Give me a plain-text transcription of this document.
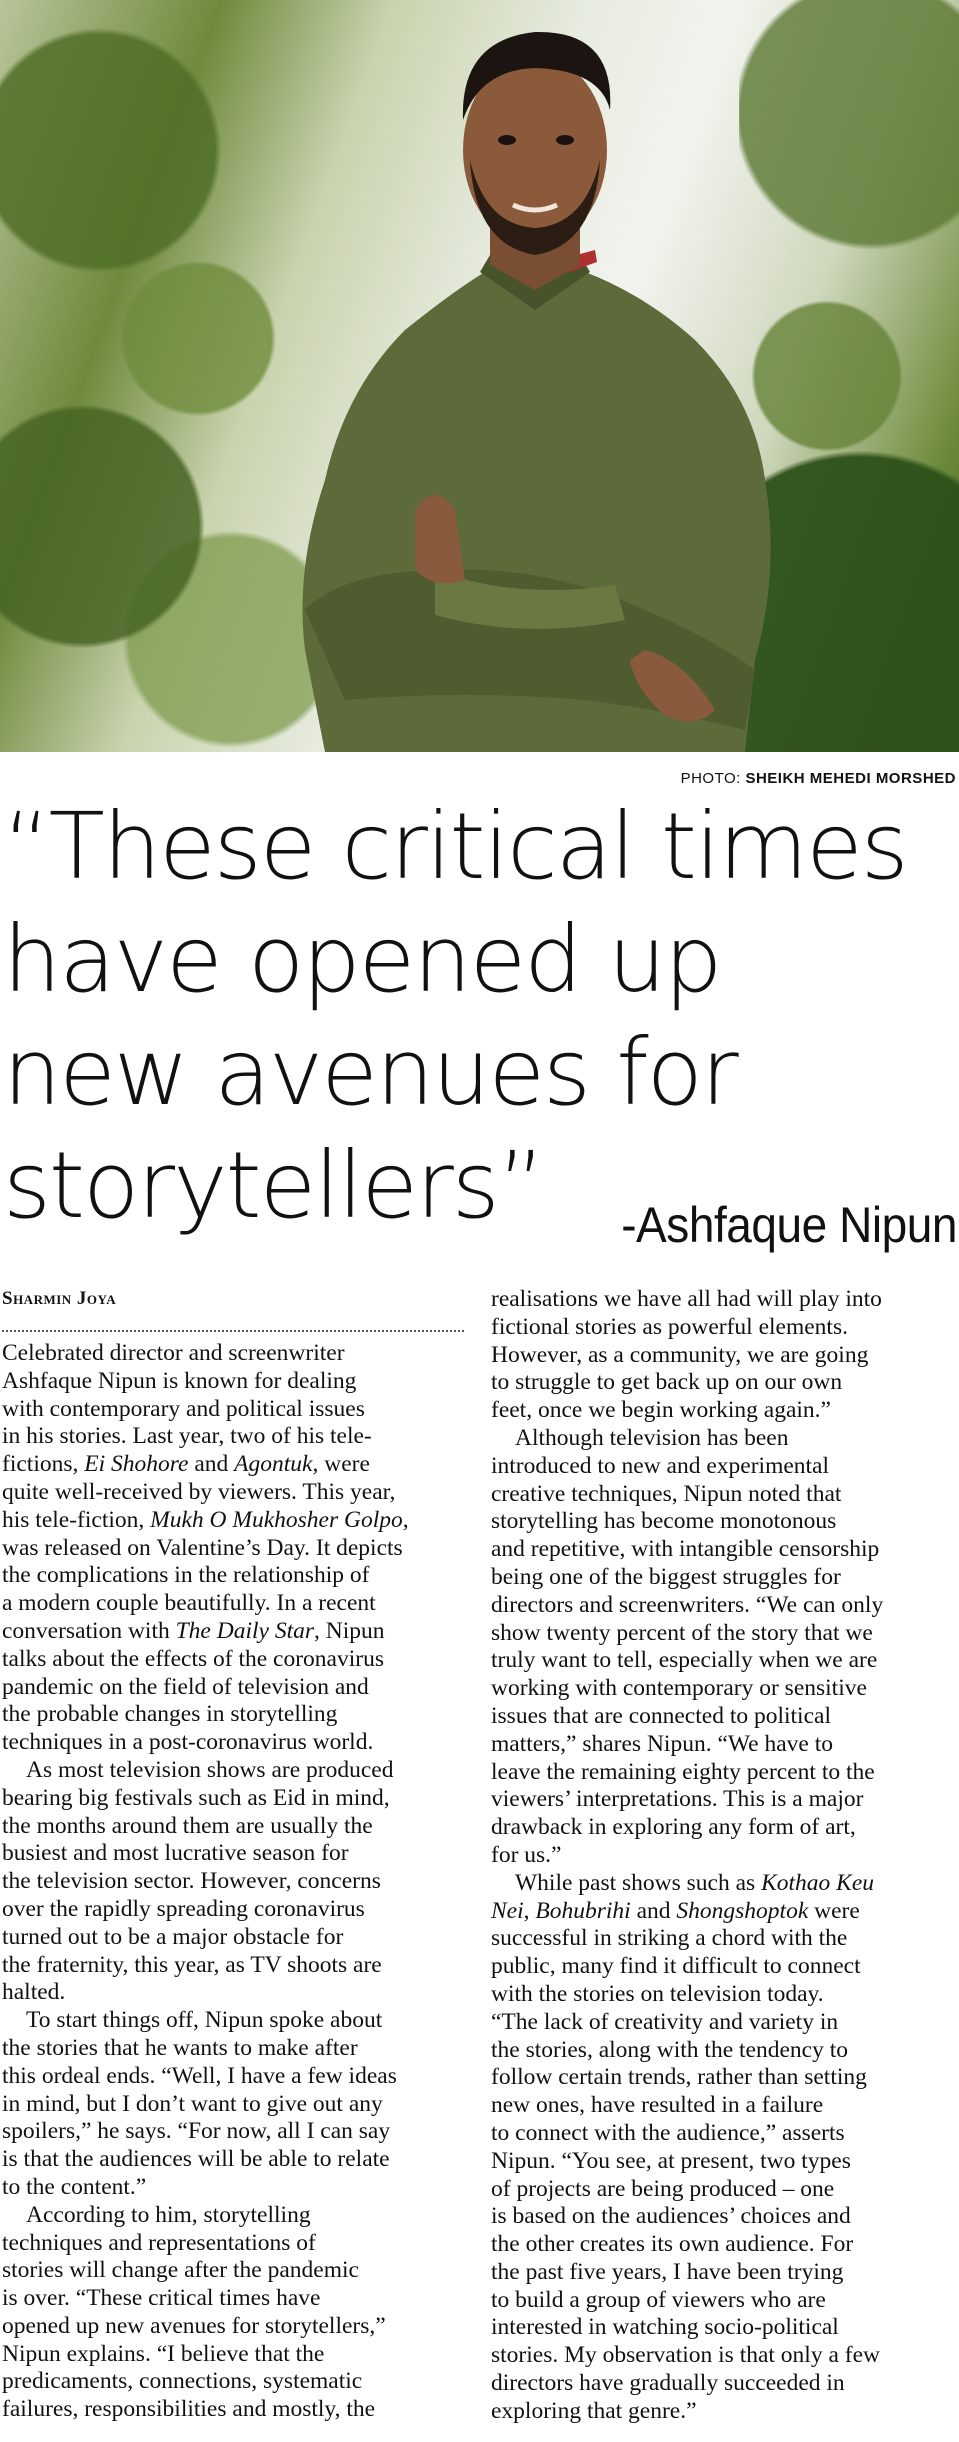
PHOTO: SHEIKH MEHEDI MORSHED
“These critical times
have opened up
new avenues for
storytellers”	-Ashfaque Nipun
Sharmin Joya

Celebrated director and screenwriter
Ashfaque Nipun is known for dealing
with contemporary and political issues
in his stories. Last year, two of his tele-
fictions, Ei Shohore and Agontuk, were
quite well-received by viewers. This year,
his tele-fiction, Mukh O Mukhosher Golpo,
was released on Valentine’s Day. It depicts
the complications in the relationship of
a modern couple beautifully. In a recent
conversation with The Daily Star, Nipun
talks about the effects of the coronavirus
pandemic on the field of television and
the probable changes in storytelling
techniques in a post-coronavirus world.

As most television shows are produced
bearing big festivals such as Eid in mind,
the months around them are usually the
busiest and most lucrative season for
the television sector. However, concerns
over the rapidly spreading coronavirus
turned out to be a major obstacle for
the fraternity, this year, as TV shoots are
halted.

To start things off, Nipun spoke about
the stories that he wants to make after
this ordeal ends. “Well, I have a few ideas
in mind, but I don’t want to give out any
spoilers,” he says. “For now, all I can say
is that the audiences will be able to relate
to the content.”

According to him, storytelling
techniques and representations of
stories will change after the pandemic
is over. “These critical times have
opened up new avenues for storytellers,”
Nipun explains. “I believe that the
predicaments, connections, systematic
failures, responsibilities and mostly, the

realisations we have all had will play into
fictional stories as powerful elements.
However, as a community, we are going
to struggle to get back up on our own
feet, once we begin working again.”

Although television has been
introduced to new and experimental
creative techniques, Nipun noted that
storytelling has become monotonous
and repetitive, with intangible censorship
being one of the biggest struggles for
directors and screenwriters. “We can only
show twenty percent of the story that we
truly want to tell, especially when we are
working with contemporary or sensitive
issues that are connected to political
matters,” shares Nipun. “We have to
leave the remaining eighty percent to the
viewers’ interpretations. This is a major
drawback in exploring any form of art,
for us.”

While past shows such as Kothao Keu
Nei, Bohubrihi and Shongshoptok were
successful in striking a chord with the
public, many find it difficult to connect
with the stories on television today.
“The lack of creativity and variety in
the stories, along with the tendency to
follow certain trends, rather than setting
new ones, have resulted in a failure
to connect with the audience,” asserts
Nipun. “You see, at present, two types
of projects are being produced – one
is based on the audiences’ choices and
the other creates its own audience. For
the past five years, I have been trying
to build a group of viewers who are
interested in watching socio-political
stories. My observation is that only a few
directors have gradually succeeded in
exploring that genre.”
